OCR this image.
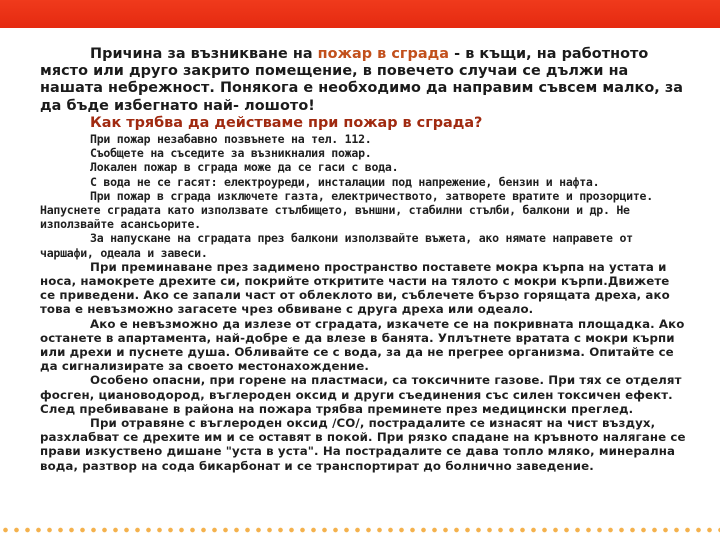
Причина за възникване на пожар в сграда - в къщи, на работното място или друго закрито помещение, в повечето случаи се дължи на нашата небрежност. Понякога е необходимо да направим съвсем малко, за да бъде избегнато най- лошото!

Как трябва да действаме при пожар в сграда?

При пожар незабавно позвънете на тел. 112.

Съобщете на съседите за възникналия пожар.

Локален пожар в сграда може да се гаси с вода.

С вода не се гасят: електроуреди, инсталации под напрежение, бензин и нафта.

При пожар в сграда изключете газта, електричеството, затворете вратите и прозорците. Напуснете сградата като използвате стълбището, външни, стабилни стълби, балкони и др. Не използвайте асансьорите.

За напускане на сградата през балкони използвайте въжета, ако нямате направете от чаршафи, одеала и завеси.

При преминаване през задимено пространство поставете мокра кърпа на устата и носа, намокрете дрехите си, покрийте откритите части на тялото с мокри кърпи.Движете се приведени. Ако се запали част от облеклото ви, съблечете бързо горящата дреха, ако това е невъзможно загасете чрез обвиване с друга дреха или одеало.

Ако е невъзможно да излезе от сградата, изкачете се на покривната площадка. Ако останете в апартамента, най-добре е да влезе в банята. Уплътнете вратата с мокри кърпи или дрехи и пуснете душа. Обливайте се с вода, за да не прегрее организма. Опитайте се да сигнализирате за своето местонахождение.

Особено опасни, при горене на пластмаси, са токсичните газове. При тях се отделят фосген, циановодород, въглероден оксид и други съединения със силен токсичен ефект. След пребиваване в района на пожара трябва преминете през медицински преглед.

При отравяне с въглероден оксид /СО/, пострадалите се изнасят на чист въздух, разхлабват се дрехите им и се оставят в покой. При рязко спадане на кръвното налягане се прави изкуствено дишане "уста в уста". На пострадалите се дава топло мляко, минерална вода, разтвор на сода бикарбонат и се транспортират до болнично заведение.
